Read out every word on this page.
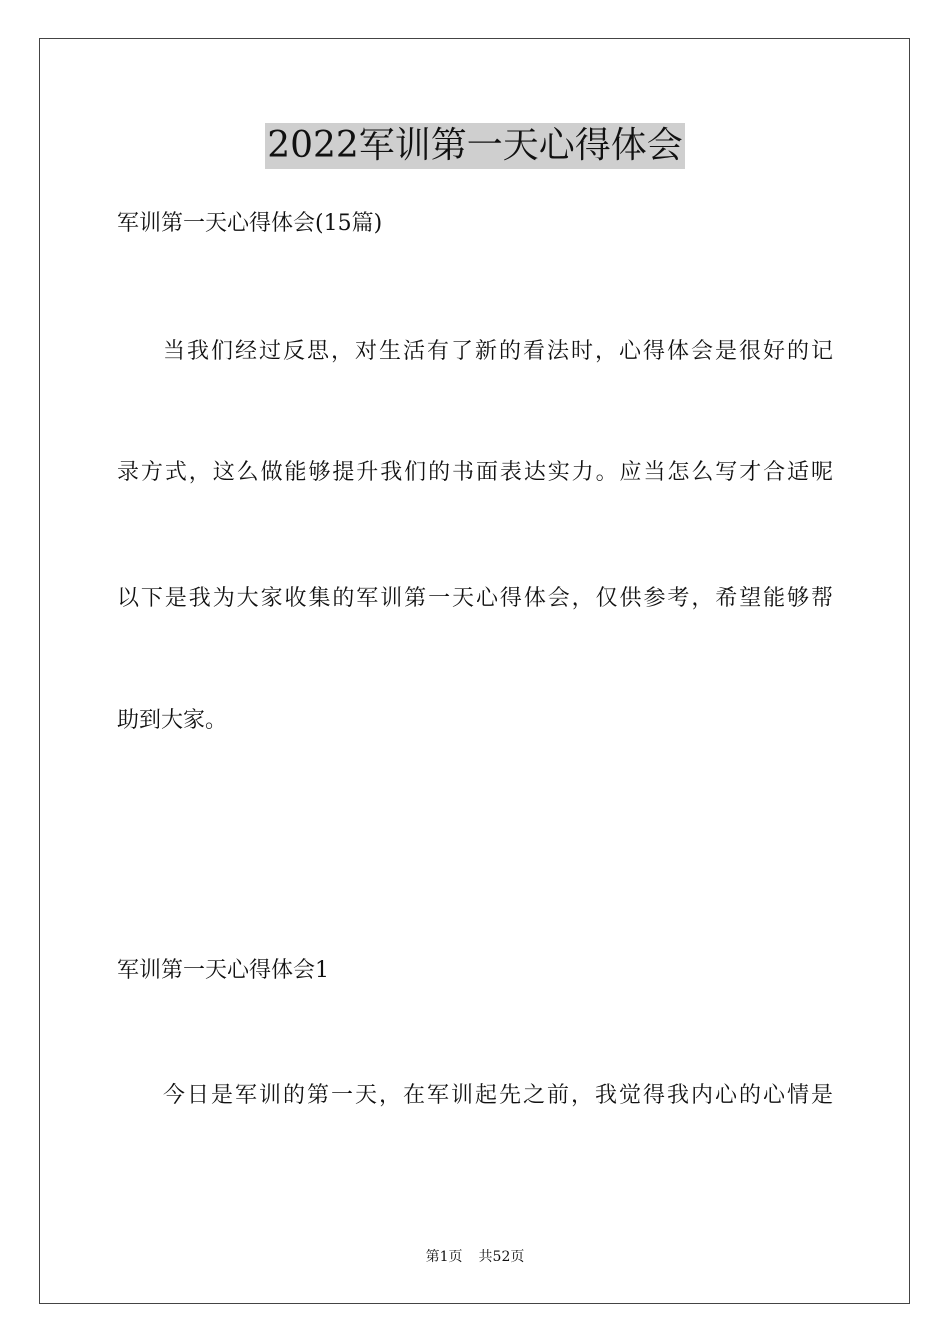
2022军训第一天心得体会
军训第一天心得体会(15篇)
当我们经过反思，对生活有了新的看法时，心得体会是很好的记
录方式，这么做能够提升我们的书面表达实力。应当怎么写才合适呢
以下是我为大家收集的军训第一天心得体会，仅供参考，希望能够帮
助到大家。
军训第一天心得体会1
今日是军训的第一天，在军训起先之前，我觉得我内心的心情是
第1页 共52页
